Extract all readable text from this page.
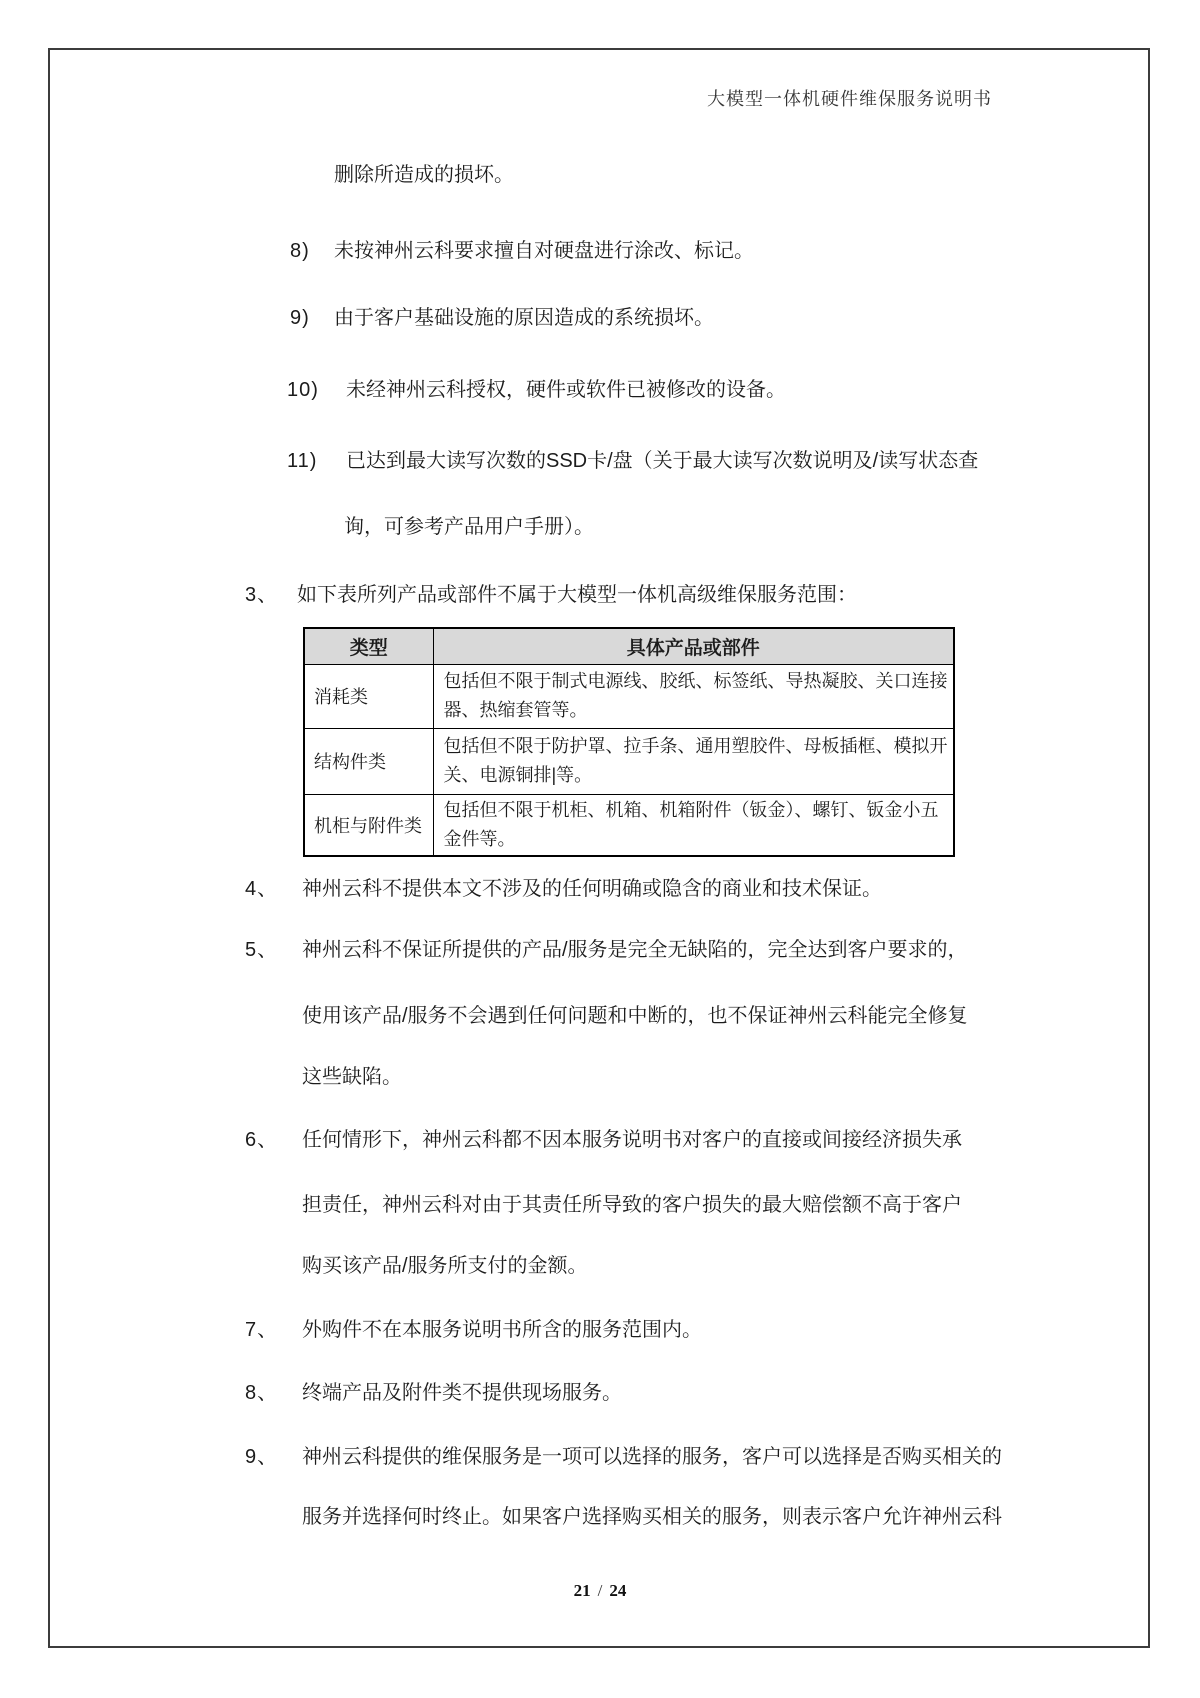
大模型一体机硬件维保服务说明书
删除所造成的损坏。
8) 未按神州云科要求擅自对硬盘进行涂改、标记。
9) 由于客户基础设施的原因造成的系统损坏。
10) 未经神州云科授权，硬件或软件已被修改的设备。
11) 已达到最大读写次数的SSD卡/盘（关于最大读写次数说明及/读写状态查
询，可参考产品用户手册）。
3、 如下表所列产品或部件不属于大模型一体机高级维保服务范围：
类型	具体产品或部件
消耗类	包括但不限于制式电源线、胶纸、标签纸、导热凝胶、关口连接
器、热缩套管等。

结构件类	包括但不限于防护罩、拉手条、通用塑胶件、母板插框、模拟开
关、电源铜排|等。

机柜与附件类	包括但不限于机柜、机箱、机箱附件（钣金）、螺钉、钣金小五
金件等。
4、 神州云科不提供本文不涉及的任何明确或隐含的商业和技术保证。
5、 神州云科不保证所提供的产品/服务是完全无缺陷的，完全达到客户要求的，
使用该产品/服务不会遇到任何问题和中断的，也不保证神州云科能完全修复
这些缺陷。
6、 任何情形下，神州云科都不因本服务说明书对客户的直接或间接经济损失承
担责任，神州云科对由于其责任所导致的客户损失的最大赔偿额不高于客户
购买该产品/服务所支付的金额。
7、 外购件不在本服务说明书所含的服务范围内。
8、 终端产品及附件类不提供现场服务。
9、 神州云科提供的维保服务是一项可以选择的服务，客户可以选择是否购买相关的
服务并选择何时终止。如果客户选择购买相关的服务，则表示客户允许神州云科
21 / 24
